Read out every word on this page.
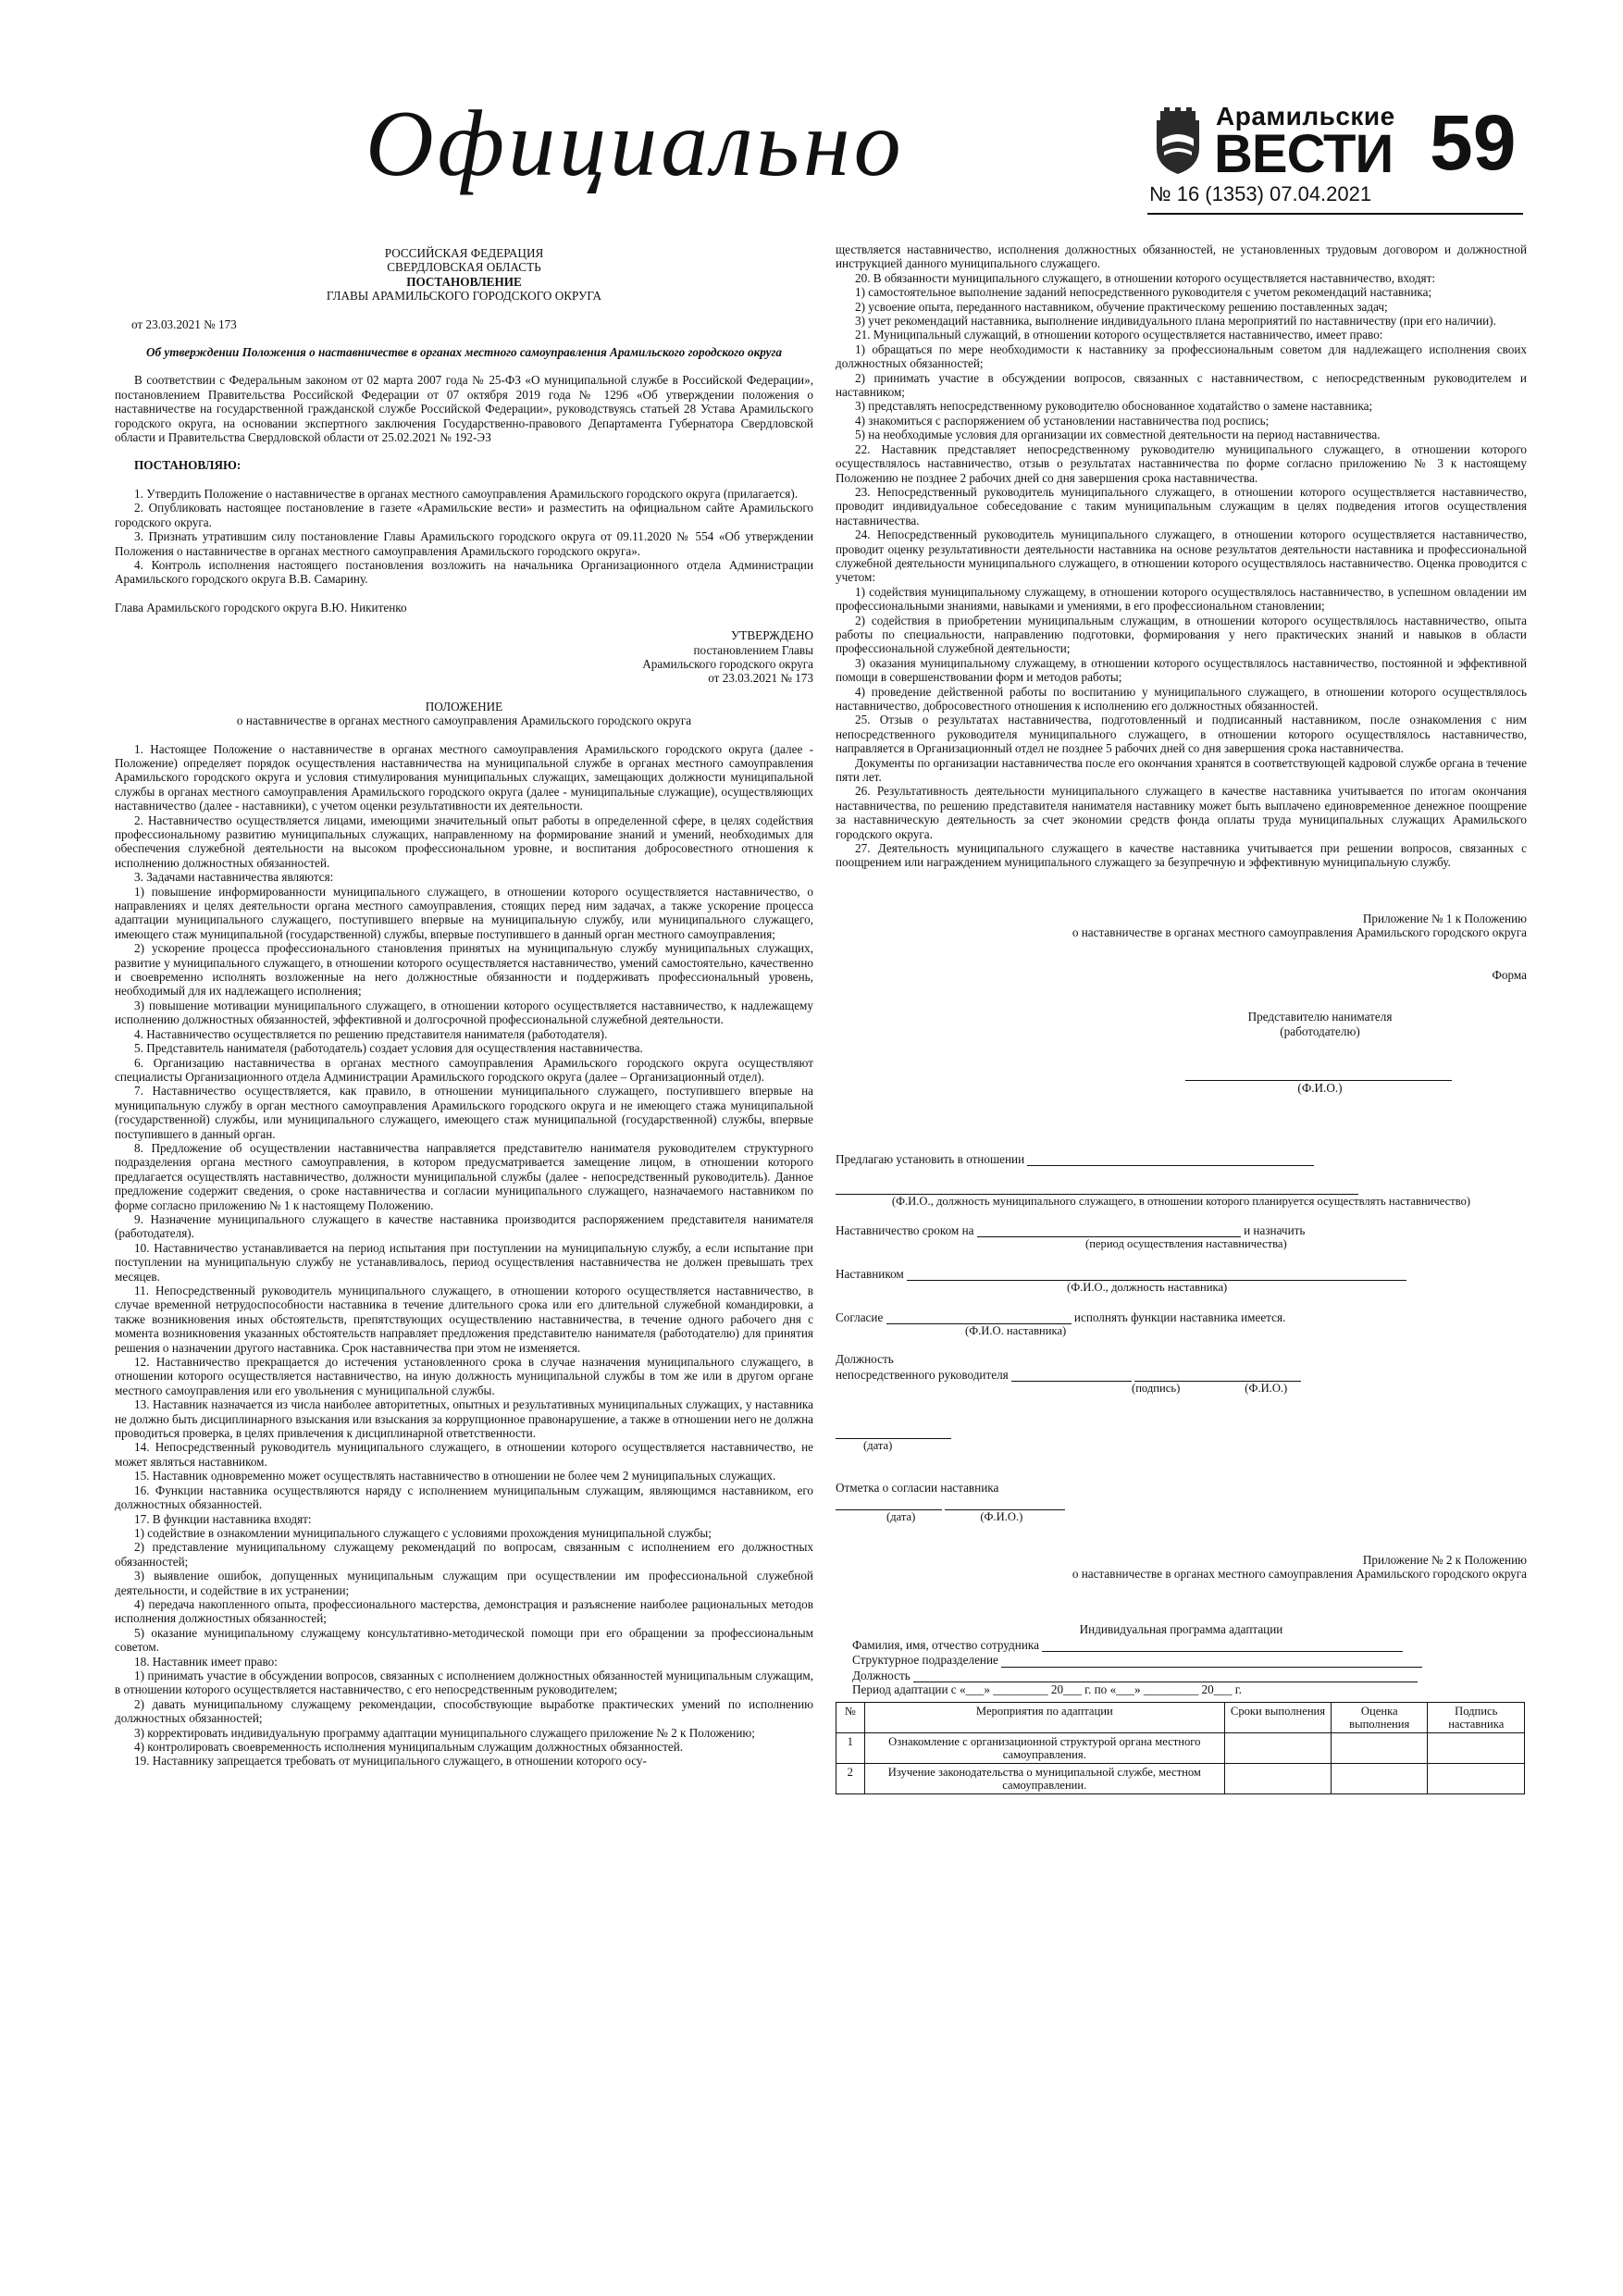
Официально	Арамильские
ВЕСТИ 59
№ 16 (1353) 07.04.2021

РОССИЙСКАЯ ФЕДЕРАЦИЯ

СВЕРДЛОВСКАЯ ОБЛАСТЬ

ПОСТАНОВЛЕНИЕ

ГЛАВЫ АРАМИЛЬСКОГО ГОРОДСКОГО ОКРУГА

от 23.03.2021 № 173

Об утверждении Положения о наставничестве в органах местного самоуправления Арамильского городского округа

В соответствии с Федеральным законом от 02 марта 2007 года № 25-ФЗ «О муниципальной службе в Российской Федерации», постановлением Правительства Российской Федерации от 07 октября 2019 года № 1296 «Об утверждении положения о наставничестве на государственной гражданской службе Российской Федерации», руководствуясь статьей 28 Устава Арамильского городского округа, на основании экспертного заключения Государственно-правового Департамента Губернатора Свердловской области и Правительства Свердловской области от 25.02.2021 № 192-ЭЗ

ПОСТАНОВЛЯЮ:

1. Утвердить Положение о наставничестве в органах местного самоуправления Арамильского городского округа (прилагается).

2. Опубликовать настоящее постановление в газете «Арамильские вести» и разместить на официальном сайте Арамильского городского округа.

3. Признать утратившим силу постановление Главы Арамильского городского округа от 09.11.2020 № 554 «Об утверждении Положения о наставничестве в органах местного самоуправления Арамильского городского округа».

4. Контроль исполнения настоящего постановления возложить на начальника Организационного отдела Администрации Арамильского городского округа В.В. Самарину.

Глава Арамильского городского округа В.Ю. Никитенко

УТВЕРЖДЕНО

постановлением Главы

Арамильского городского округа

от 23.03.2021 № 173

ПОЛОЖЕНИЕ

о наставничестве в органах местного самоуправления Арамильского городского округа

1. Настоящее Положение о наставничестве в органах местного самоуправления Арамильского городского округа (далее - Положение) определяет порядок осуществления наставничества на муниципальной службе в органах местного самоуправления Арамильского городского округа и условия стимулирования муниципальных служащих, замещающих должности муниципальной службы в органах местного самоуправления Арамильского городского округа (далее - муниципальные служащие), осуществляющих наставничество (далее - наставники), с учетом оценки результативности их деятельности.

2. Наставничество осуществляется лицами, имеющими значительный опыт работы в определенной сфере, в целях содействия профессиональному развитию муниципальных служащих, направленному на формирование знаний и умений, необходимых для обеспечения служебной деятельности на высоком профессиональном уровне, и воспитания добросовестного отношения к исполнению должностных обязанностей.

3. Задачами наставничества являются:

1) повышение информированности муниципального служащего, в отношении которого осуществляется наставничество, о направлениях и целях деятельности органа местного самоуправления, стоящих перед ним задачах, а также ускорение процесса адаптации муниципального служащего, поступившего впервые на муниципальную службу, или муниципального служащего, имеющего стаж муниципальной (государственной) службы, впервые поступившего в данный орган местного самоуправления;

2) ускорение процесса профессионального становления принятых на муниципальную службу муниципальных служащих, развитие у муниципального служащего, в отношении которого осуществляется наставничество, умений самостоятельно, качественно и своевременно исполнять возложенные на него должностные обязанности и поддерживать профессиональный уровень, необходимый для их надлежащего исполнения;

3) повышение мотивации муниципального служащего, в отношении которого осуществляется наставничество, к надлежащему исполнению должностных обязанностей, эффективной и долгосрочной профессиональной служебной деятельности.

4. Наставничество осуществляется по решению представителя нанимателя (работодателя).

5. Представитель нанимателя (работодатель) создает условия для осуществления наставничества.

6. Организацию наставничества в органах местного самоуправления Арамильского городского округа осуществляют специалисты Организационного отдела Администрации Арамильского городского округа (далее – Организационный отдел).

7. Наставничество осуществляется, как правило, в отношении муниципального служащего, поступившего впервые на муниципальную службу в орган местного самоуправления Арамильского городского округа и не имеющего стажа муниципальной (государственной) службы, или муниципального служащего, имеющего стаж муниципальной (государственной) службы, впервые поступившего в данный орган.

8. Предложение об осуществлении наставничества направляется представителю нанимателя руководителем структурного подразделения органа местного самоуправления, в котором предусматривается замещение лицом, в отношении которого предлагается осуществлять наставничество, должности муниципальной службы (далее - непосредственный руководитель). Данное предложение содержит сведения, о сроке наставничества и согласии муниципального служащего, назначаемого наставником по форме согласно приложению № 1 к настоящему Положению.

9. Назначение муниципального служащего в качестве наставника производится распоряжением представителя нанимателя (работодателя).

10. Наставничество устанавливается на период испытания при поступлении на муниципальную службу, а если испытание при поступлении на муниципальную службу не устанавливалось, период осуществления наставничества не должен превышать трех месяцев.

11. Непосредственный руководитель муниципального служащего, в отношении которого осуществляется наставничество, в случае временной нетрудоспособности наставника в течение длительного срока или его длительной служебной командировки, а также возникновения иных обстоятельств, препятствующих осуществлению наставничества, в течение одного рабочего дня с момента возникновения указанных обстоятельств направляет предложения представителю нанимателя (работодателю) для принятия решения о назначении другого наставника. Срок наставничества при этом не изменяется.

12. Наставничество прекращается до истечения установленного срока в случае назначения муниципального служащего, в отношении которого осуществляется наставничество, на иную должность муниципальной службы в том же или в другом органе местного самоуправления или его увольнения с муниципальной службы.

13. Наставник назначается из числа наиболее авторитетных, опытных и результативных муниципальных служащих, у наставника не должно быть дисциплинарного взыскания или взыскания за коррупционное правонарушение, а также в отношении него не должна проводиться проверка, в целях привлечения к дисциплинарной ответственности.

14. Непосредственный руководитель муниципального служащего, в отношении которого осуществляется наставничество, не может являться наставником.

15. Наставник одновременно может осуществлять наставничество в отношении не более чем 2 муниципальных служащих.

16. Функции наставника осуществляются наряду с исполнением муниципальным служащим, являющимся наставником, его должностных обязанностей.

17. В функции наставника входят:

1) содействие в ознакомлении муниципального служащего с условиями прохождения муниципальной службы;

2) представление муниципальному служащему рекомендаций по вопросам, связанным с исполнением его должностных обязанностей;

3) выявление ошибок, допущенных муниципальным служащим при осуществлении им профессиональной служебной деятельности, и содействие в их устранении;

4) передача накопленного опыта, профессионального мастерства, демонстрация и разъяснение наиболее рациональных методов исполнения должностных обязанностей;

5) оказание муниципальному служащему консультативно-методической помощи при его обращении за профессиональным советом.

18. Наставник имеет право:

1) принимать участие в обсуждении вопросов, связанных с исполнением должностных обязанностей муниципальным служащим, в отношении которого осуществляется наставничество, с его непосредственным руководителем;

2) давать муниципальному служащему рекомендации, способствующие выработке практических умений по исполнению должностных обязанностей;

3) корректировать индивидуальную программу адаптации муниципального служащего приложение № 2 к Положению;

4) контролировать своевременность исполнения муниципальным служащим должностных обязанностей.

19. Наставнику запрещается требовать от муниципального служащего, в отношении которого осу-

ществляется наставничество, исполнения должностных обязанностей, не установленных трудовым договором и должностной инструкцией данного муниципального служащего.

20. В обязанности муниципального служащего, в отношении которого осуществляется наставничество, входят:

1) самостоятельное выполнение заданий непосредственного руководителя с учетом рекомендаций наставника;

2) усвоение опыта, переданного наставником, обучение практическому решению поставленных задач;

3) учет рекомендаций наставника, выполнение индивидуального плана мероприятий по наставничеству (при его наличии).

21. Муниципальный служащий, в отношении которого осуществляется наставничество, имеет право:

1) обращаться по мере необходимости к наставнику за профессиональным советом для надлежащего исполнения своих должностных обязанностей;

2) принимать участие в обсуждении вопросов, связанных с наставничеством, с непосредственным руководителем и наставником;

3) представлять непосредственному руководителю обоснованное ходатайство о замене наставника;

4) знакомиться с распоряжением об установлении наставничества под роспись;

5) на необходимые условия для организации их совместной деятельности на период наставничества.

22. Наставник представляет непосредственному руководителю муниципального служащего, в отношении которого осуществлялось наставничество, отзыв о результатах наставничества по форме согласно приложению № 3 к настоящему Положению не позднее 2 рабочих дней со дня завершения срока наставничества.

23. Непосредственный руководитель муниципального служащего, в отношении которого осуществляется наставничество, проводит индивидуальное собеседование с таким муниципальным служащим в целях подведения итогов осуществления наставничества.

24. Непосредственный руководитель муниципального служащего, в отношении которого осуществляется наставничество, проводит оценку результативности деятельности наставника на основе результатов деятельности наставника и профессиональной служебной деятельности муниципального служащего, в отношении которого осуществлялось наставничество. Оценка проводится с учетом:

1) содействия муниципальному служащему, в отношении которого осуществлялось наставничество, в успешном овладении им профессиональными знаниями, навыками и умениями, в его профессиональном становлении;

2) содействия в приобретении муниципальным служащим, в отношении которого осуществлялось наставничество, опыта работы по специальности, направлению подготовки, формирования у него практических знаний и навыков в области профессиональной служебной деятельности;

3) оказания муниципальному служащему, в отношении которого осуществлялось наставничество, постоянной и эффективной помощи в совершенствовании форм и методов работы;

4) проведение действенной работы по воспитанию у муниципального служащего, в отношении которого осуществлялось наставничество, добросовестного отношения к исполнению его должностных обязанностей.

25. Отзыв о результатах наставничества, подготовленный и подписанный наставником, после ознакомления с ним непосредственного руководителя муниципального служащего, в отношении которого осуществлялось наставничество, направляется в Организационный отдел не позднее 5 рабочих дней со дня завершения срока наставничества.

Документы по организации наставничества после его окончания хранятся в соответствующей кадровой службе органа в течение пяти лет.

26. Результативность деятельности муниципального служащего в качестве наставника учитывается по итогам окончания наставничества, по решению представителя нанимателя наставнику может быть выплачено единовременное денежное поощрение за наставническую деятельность за счет экономии средств фонда оплаты труда муниципальных служащих Арамильского городского округа.

27. Деятельность муниципального служащего в качестве наставника учитывается при решении вопросов, связанных с поощрением или награждением муниципального служащего за безупречную и эффективную муниципальную службу.

Приложение № 1 к Положению

о наставничестве в органах местного самоуправления Арамильского городского округа

Форма

Представителю нанимателя

(работодателю)

(Ф.И.О.)

Предлагаю установить в отношении

(Ф.И.О., должность муниципального служащего, в отношении которого планируется осуществлять наставничество)

Наставничество сроком на	и назначить

(период осуществления наставничества)

Наставником

(Ф.И.О., должность наставника)

Согласие	исполнять функции наставника имеется.

(Ф.И.О. наставника)

Должность

непосредственного руководителя

(подпись)	(Ф.И.О.)

(дата)

Отметка о согласии наставника

(дата)	(Ф.И.О.)

Приложение № 2 к Положению

о наставничестве в органах местного самоуправления Арамильского городского округа

Индивидуальная программа адаптации

Фамилия, имя, отчество сотрудника

Структурное подразделение

Должность

Период адаптации с «___» _________ 20___ г. по «___» _________ 20___ г.

№	Мероприятия по адаптации	Сроки выполнения	Оценка выполнения	Подпись наставника
1	Ознакомление с организационной структурой органа местного самоуправления.			
2	Изучение законодательства о муниципальной службе, местном самоуправлении.			
